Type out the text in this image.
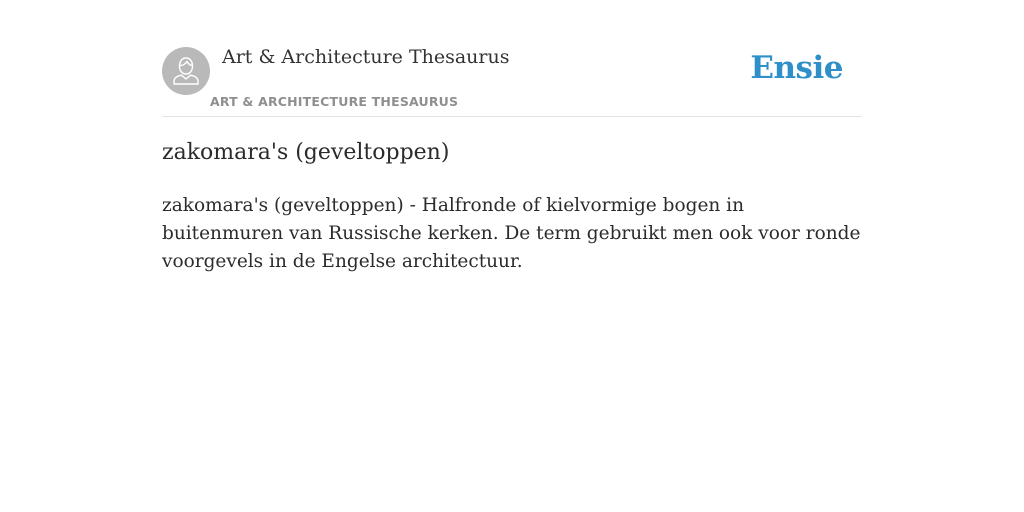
Art & Architecture Thesaurus
ART & ARCHITECTURE THESAURUS
Ensie
zakomara's (geveltoppen)

zakomara's (geveltoppen) - Halfronde of kielvormige bogen in buitenmuren van Russische kerken. De term gebruikt men ook voor ronde voorgevels in de Engelse architectuur.
